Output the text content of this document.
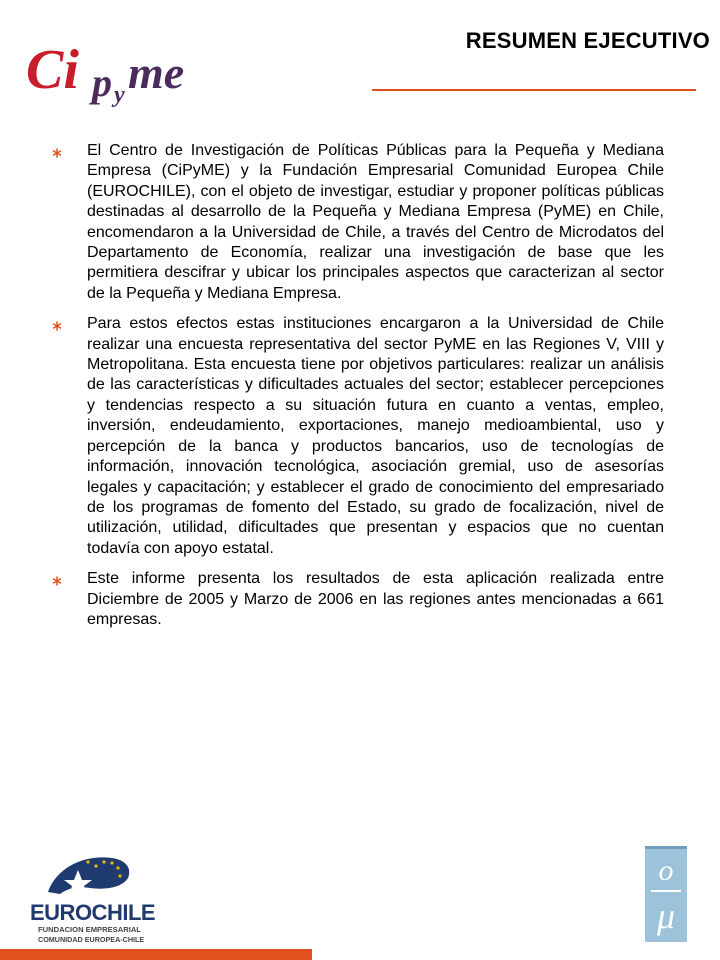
Ci p y me
RESUMEN EJECUTIVO
El Centro de Investigación de Políticas Públicas para la Pequeña y Mediana Empresa (CiPyME) y la Fundación Empresarial Comunidad Europea Chile (EUROCHILE), con el objeto de investigar, estudiar y proponer políticas públicas destinadas al desarrollo de la Pequeña y Mediana Empresa (PyME) en Chile, encomendaron a la Universidad de Chile, a través del Centro de Microdatos del Departamento de Economía, realizar una investigación de base que les permitiera descifrar y ubicar los principales aspectos que caracterizan al sector de la Pequeña y Mediana Empresa.
Para estos efectos estas instituciones encargaron a la Universidad de Chile realizar una encuesta representativa del sector PyME en las Regiones V, VIII y Metropolitana. Esta encuesta tiene por objetivos particulares: realizar un análisis de las características y dificultades actuales del sector; establecer percepciones y tendencias respecto a su situación futura en cuanto a ventas, empleo, inversión, endeudamiento, exportaciones, manejo medioambiental, uso y percepción de la banca y productos bancarios, uso de tecnologías de información, innovación tecnológica, asociación gremial, uso de asesorías legales y capacitación; y establecer el grado de conocimiento del empresariado de los programas de fomento del Estado, su grado de focalización, nivel de utilización, utilidad, dificultades que presentan y espacios que no cuentan todavía con apoyo estatal.
Este informe presenta los resultados de esta aplicación realizada entre Diciembre de 2005 y Marzo de 2006 en las regiones antes mencionadas a 661 empresas.
EUROCHILE
FUNDACION EMPRESARIAL
COMUNIDAD EUROPEA-CHILE
o
μ
